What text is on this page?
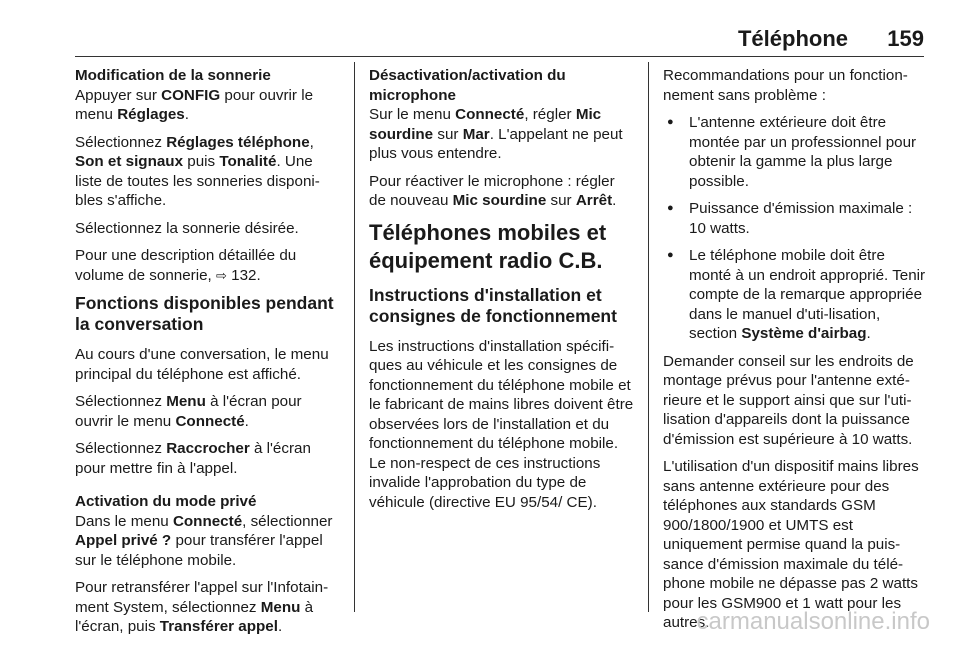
Téléphone 159

Modification de la sonnerie

Appuyer sur CONFIG pour ouvrir le menu Réglages.

Sélectionnez Réglages téléphone, Son et signaux puis Tonalité. Une liste de toutes les sonneries disponi‐bles s'affiche.

Sélectionnez la sonnerie désirée.

Pour une description détaillée du volume de sonnerie, ⇨ 132.

Fonctions disponibles pendant la conversation

Au cours d'une conversation, le menu principal du téléphone est affiché.

Sélectionnez Menu à l'écran pour ouvrir le menu Connecté.

Sélectionnez Raccrocher à l'écran pour mettre fin à l'appel.

Activation du mode privé

Dans le menu Connecté, sélectionner Appel privé ? pour transférer l'appel sur le téléphone mobile.

Pour retransférer l'appel sur l'Infotain‐ment System, sélectionnez Menu à l'écran, puis Transférer appel.

Désactivation/activation du microphone

Sur le menu Connecté, régler Mic sourdine sur Mar. L'appelant ne peut plus vous entendre.

Pour réactiver le microphone : régler de nouveau Mic sourdine sur Arrêt.

Téléphones mobiles et équipement radio C.B.
Instructions d'installation et consignes de fonctionnement

Les instructions d'installation spécifi‐ques au véhicule et les consignes de fonctionnement du téléphone mobile et le fabricant de mains libres doivent être observées lors de l'installation et du fonctionnement du téléphone mobile. Le non-respect de ces instructions invalide l'approbation du type de véhicule (directive EU 95/54/ CE).

Recommandations pour un fonction‐nement sans problème :

● L'antenne extérieure doit être montée par un professionnel pour obtenir la gamme la plus large possible.
● Puissance d'émission maximale : 10 watts.
● Le téléphone mobile doit être monté à un endroit approprié. Tenir compte de la remarque appropriée dans le manuel d'uti‐lisation, section Système d'airbag.

Demander conseil sur les endroits de montage prévus pour l'antenne exté‐rieure et le support ainsi que sur l'uti‐lisation d'appareils dont la puissance d'émission est supérieure à 10 watts.

L'utilisation d'un dispositif mains libres sans antenne extérieure pour des téléphones aux standards GSM 900/1800/1900 et UMTS est uniquement permise quand la puis‐sance d'émission maximale du télé‐phone mobile ne dépasse pas 2 watts pour les GSM900 et 1 watt pour les autres.

carmanualsonline.info
